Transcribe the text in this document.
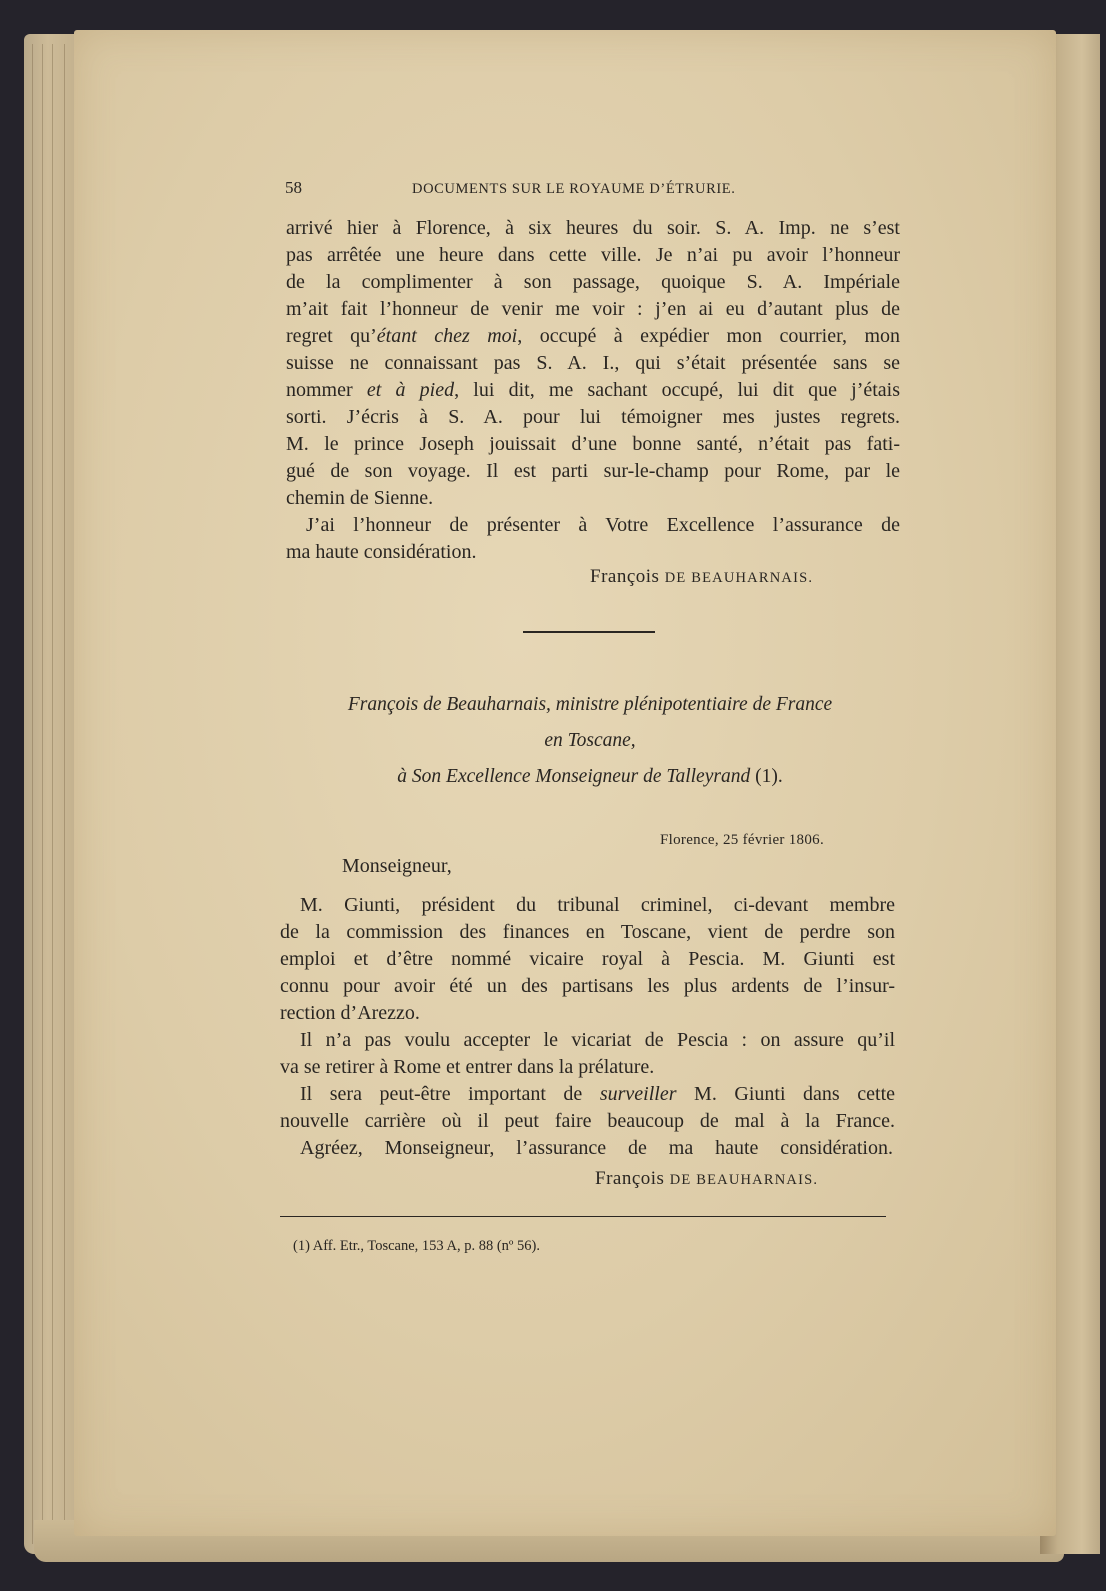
58	DOCUMENTS SUR LE ROYAUME D’ÉTRURIE.
arrivé hier à Florence, à six heures du soir. S. A. Imp. ne s’est
pas arrêtée une heure dans cette ville. Je n’ai pu avoir l’honneur
de la complimenter à son passage, quoique S. A. Impériale
m’ait fait l’honneur de venir me voir : j’en ai eu d’autant plus de
regret qu’étant chez moi, occupé à expédier mon courrier, mon
suisse ne connaissant pas S. A. I., qui s’était présentée sans se
nommer et à pied, lui dit, me sachant occupé, lui dit que j’étais
sorti. J’écris à S. A. pour lui témoigner mes justes regrets.
M. le prince Joseph jouissait d’une bonne santé, n’était pas fati-
gué de son voyage. Il est parti sur-le-champ pour Rome, par le
chemin de Sienne.
J’ai l’honneur de présenter à Votre Excellence l’assurance de
ma haute considération.
François DE BEAUHARNAIS.
François de Beauharnais, ministre plénipotentiaire de France
en Toscane,
à Son Excellence Monseigneur de Talleyrand (1).
Florence, 25 février 1806.
Monseigneur,
M. Giunti, président du tribunal criminel, ci-devant membre
de la commission des finances en Toscane, vient de perdre son
emploi et d’être nommé vicaire royal à Pescia. M. Giunti est
connu pour avoir été un des partisans les plus ardents de l’insur-
rection d’Arezzo.
Il n’a pas voulu accepter le vicariat de Pescia : on assure qu’il
va se retirer à Rome et entrer dans la prélature.
Il sera peut-être important de surveiller M. Giunti dans cette
nouvelle carrière où il peut faire beaucoup de mal à la France.
Agréez, Monseigneur, l’assurance de ma haute considération.
François DE BEAUHARNAIS.
(1) Aff. Etr., Toscane, 153 A, p. 88 (nº 56).
